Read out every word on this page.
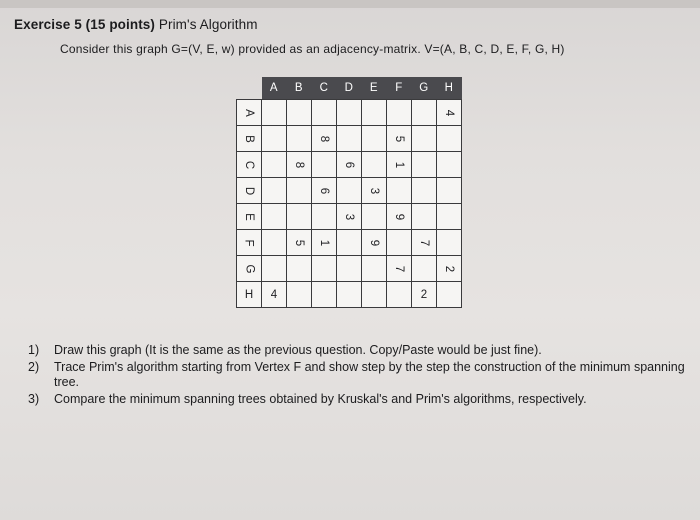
Exercise 5 (15 points) Prim's Algorithm
Consider this graph G=(V, E, w) provided as an adjacency-matrix. V=(A, B, C, D, E, F, G, H)
	A	B	C	D	E	F	G	H
A								4
B			8			5		
C		8		6		1		
D			6		3			
E				3		9		
F		5	1		9		7	
G						7		2
H	4						2	
1) Draw this graph (It is the same as the previous question. Copy/Paste would be just fine).
2) Trace Prim's algorithm starting from Vertex F and show step by the step the construction of the minimum spanning tree.
3) Compare the minimum spanning trees obtained by Kruskal's and Prim's algorithms, respectively.
